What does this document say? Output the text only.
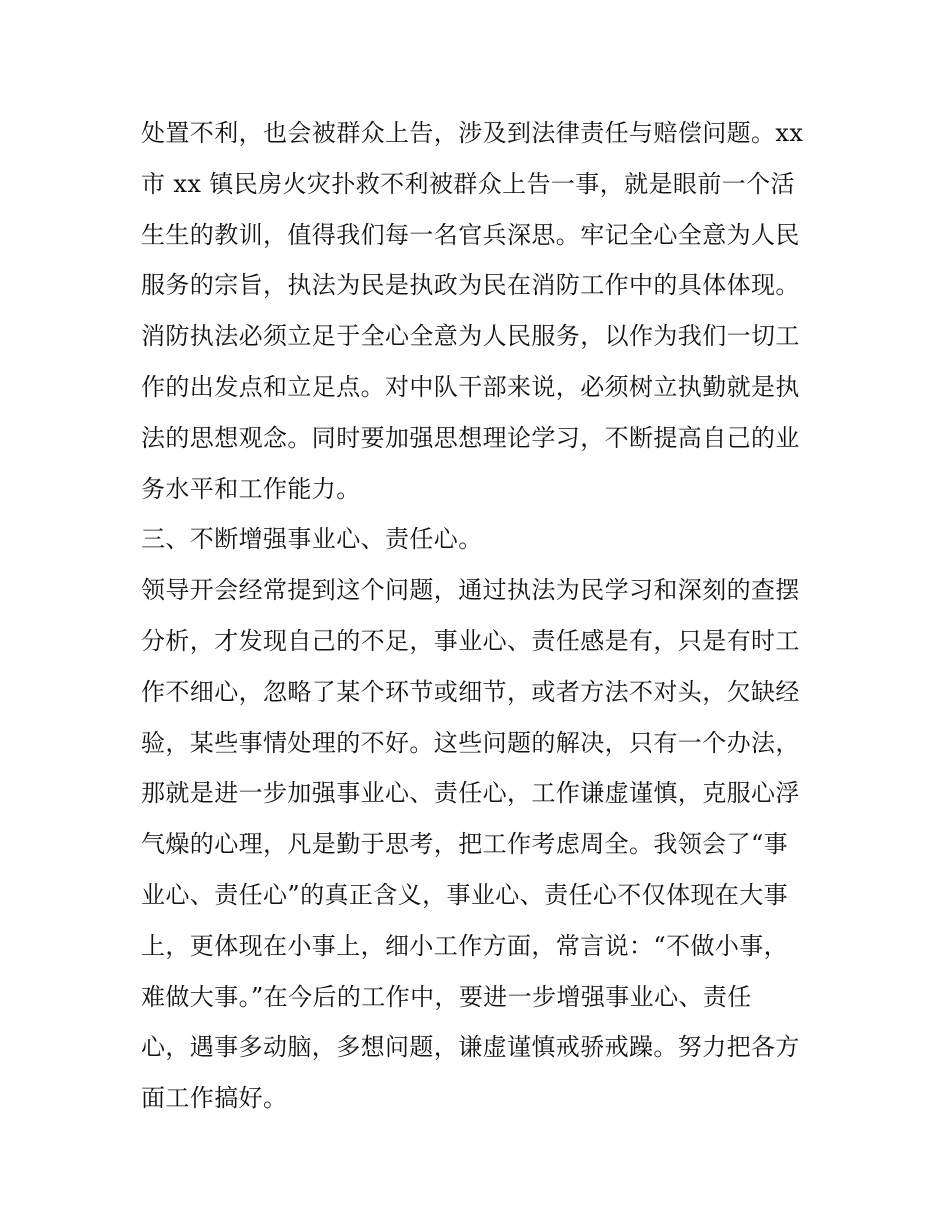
处置不利，也会被群众上告，涉及到法律责任与赔偿问题。xx
市 xx 镇民房火灾扑救不利被群众上告一事，就是眼前一个活
生生的教训，值得我们每一名官兵深思。牢记全心全意为人民
服务的宗旨，执法为民是执政为民在消防工作中的具体体现。
消防执法必须立足于全心全意为人民服务，以作为我们一切工
作的出发点和立足点。对中队干部来说，必须树立执勤就是执
法的思想观念。同时要加强思想理论学习，不断提高自己的业
务水平和工作能力。
三、不断增强事业心、责任心。
领导开会经常提到这个问题，通过执法为民学习和深刻的查摆
分析，才发现自己的不足，事业心、责任感是有，只是有时工
作不细心，忽略了某个环节或细节，或者方法不对头，欠缺经
验，某些事情处理的不好。这些问题的解决，只有一个办法，
那就是进一步加强事业心、责任心，工作谦虚谨慎，克服心浮
气燥的心理，凡是勤于思考，把工作考虑周全。我领会了“事
业心、责任心”的真正含义，事业心、责任心不仅体现在大事
上，更体现在小事上，细小工作方面，常言说：“不做小事，
难做大事。”在今后的工作中，要进一步增强事业心、责任
心，遇事多动脑，多想问题，谦虚谨慎戒骄戒躁。努力把各方
面工作搞好。
